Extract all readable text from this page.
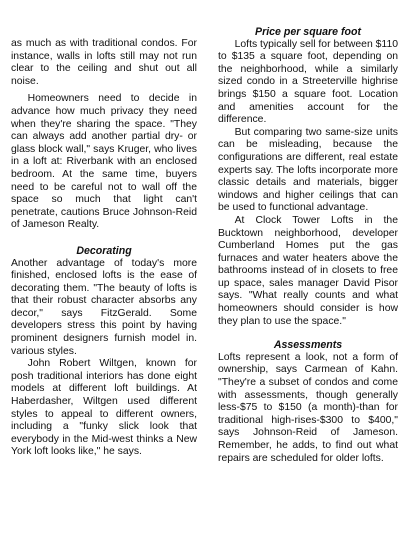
as much as with traditional condos. For instance, walls in lofts still may not run clear to the ceiling and shut out all noise.

Homeowners need to decide in advance how much privacy they need when they're sharing the space. "They can always add another partial dry- or glass block wall," says Kruger, who lives in a loft at: Riverbank with an enclosed bedroom. At the same time, buyers need to be careful not to wall off the space so much that light can't penetrate, cautions Bruce Johnson-Reid of Jameson Realty.

Decorating

Another advantage of today's more finished, enclosed lofts is the ease of decorating them. "The beauty of lofts is that their robust character absorbs any decor," says FitzGerald. Some developers stress this point by having prominent designers furnish model in. various styles.

John Robert Wiltgen, known for posh traditional interiors has done eight models at different loft buildings. At Haberdasher, Wiltgen used different styles to appeal to different owners, including a "funky slick look that everybody in the Mid-west thinks a New York loft looks like," he says.

Price per square foot

Lofts typically sell for between $110 to $135 a square foot, depending on the neighborhood, while a similarly sized condo in a Streeterville highrise brings $150 a square foot. Location and amenities account for the difference.

But comparing two same-size units can be misleading, because the configurations are different, real estate experts say. The lofts incorporate more classic details and materials, bigger windows and higher ceilings that can be used to functional advantage.

At Clock Tower Lofts in the Bucktown neighborhood, developer Cumberland Homes put the gas furnaces and water heaters above the bathrooms instead of in closets to free up space, sales manager David Pisor says. "What really counts and what homeowners should consider is how they plan to use the space."

Assessments

Lofts represent a look, not a form of ownership, says Carmean of Kahn. "They're a subset of condos and come with assessments, though generally less-$75 to $150 (a month)-than for traditional high-rises-$300 to $400," says Johnson-Reid of Jameson. Remember, he adds, to find out what repairs are scheduled for older lofts.
